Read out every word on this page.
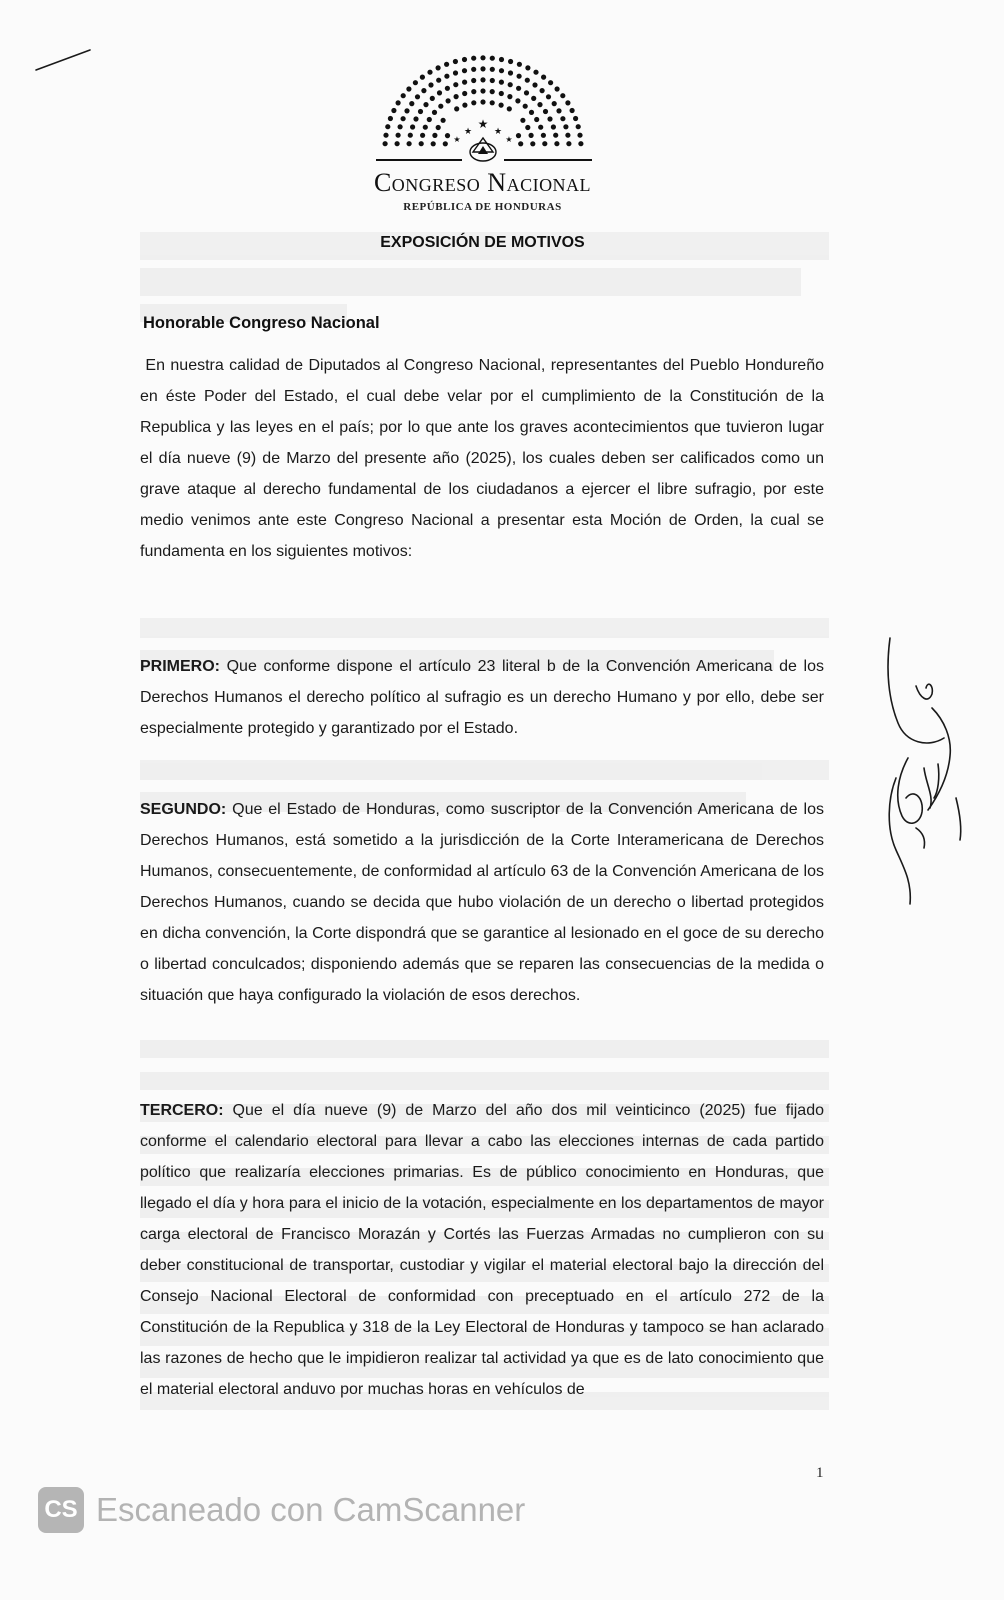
★
★ ★
★	★
Congreso Nacional
REPÚBLICA DE HONDURAS
EXPOSICIÓN DE MOTIVOS
Honorable Congreso Nacional
En nuestra calidad de Diputados al Congreso Nacional, representantes del Pueblo Hondureño en éste Poder del Estado, el cual debe velar por el cumplimiento de la Constitución de la Republica y las leyes en el país; por lo que ante los graves acontecimientos que tuvieron lugar el día nueve (9) de Marzo del presente año (2025), los cuales deben ser calificados como un grave ataque al derecho fundamental de los ciudadanos a ejercer el libre sufragio, por este medio venimos ante este Congreso Nacional a presentar esta Moción de Orden, la cual se fundamenta en los siguientes motivos:
PRIMERO: Que conforme dispone el artículo 23 literal b de la Convención Americana de los Derechos Humanos el derecho político al sufragio es un derecho Humano y por ello, debe ser especialmente protegido y garantizado por el Estado.
SEGUNDO: Que el Estado de Honduras, como suscriptor de la Convención Americana de los Derechos Humanos, está sometido a la jurisdicción de la Corte Interamericana de Derechos Humanos, consecuentemente, de conformidad al artículo 63 de la Convención Americana de los Derechos Humanos, cuando se decida que hubo violación de un derecho o libertad protegidos en dicha convención, la Corte dispondrá que se garantice al lesionado en el goce de su derecho o libertad conculcados; disponiendo además que se reparen las consecuencias de la medida o situación que haya configurado la violación de esos derechos.
TERCERO: Que el día nueve (9) de Marzo del año dos mil veinticinco (2025) fue fijado conforme el calendario electoral para llevar a cabo las elecciones internas de cada partido político que realizaría elecciones primarias. Es de público conocimiento en Honduras, que llegado el día y hora para el inicio de la votación, especialmente en los departamentos de mayor carga electoral de Francisco Morazán y Cortés las Fuerzas Armadas no cumplieron con su deber constitucional de transportar, custodiar y vigilar el material electoral bajo la dirección del Consejo Nacional Electoral de conformidad con preceptuado en el artículo 272 de la Constitución de la Republica y 318 de la Ley Electoral de Honduras y tampoco se han aclarado las razones de hecho que le impidieron realizar tal actividad ya que es de lato conocimiento que el material electoral anduvo por muchas horas en vehículos de
1
CS Escaneado con CamScanner
